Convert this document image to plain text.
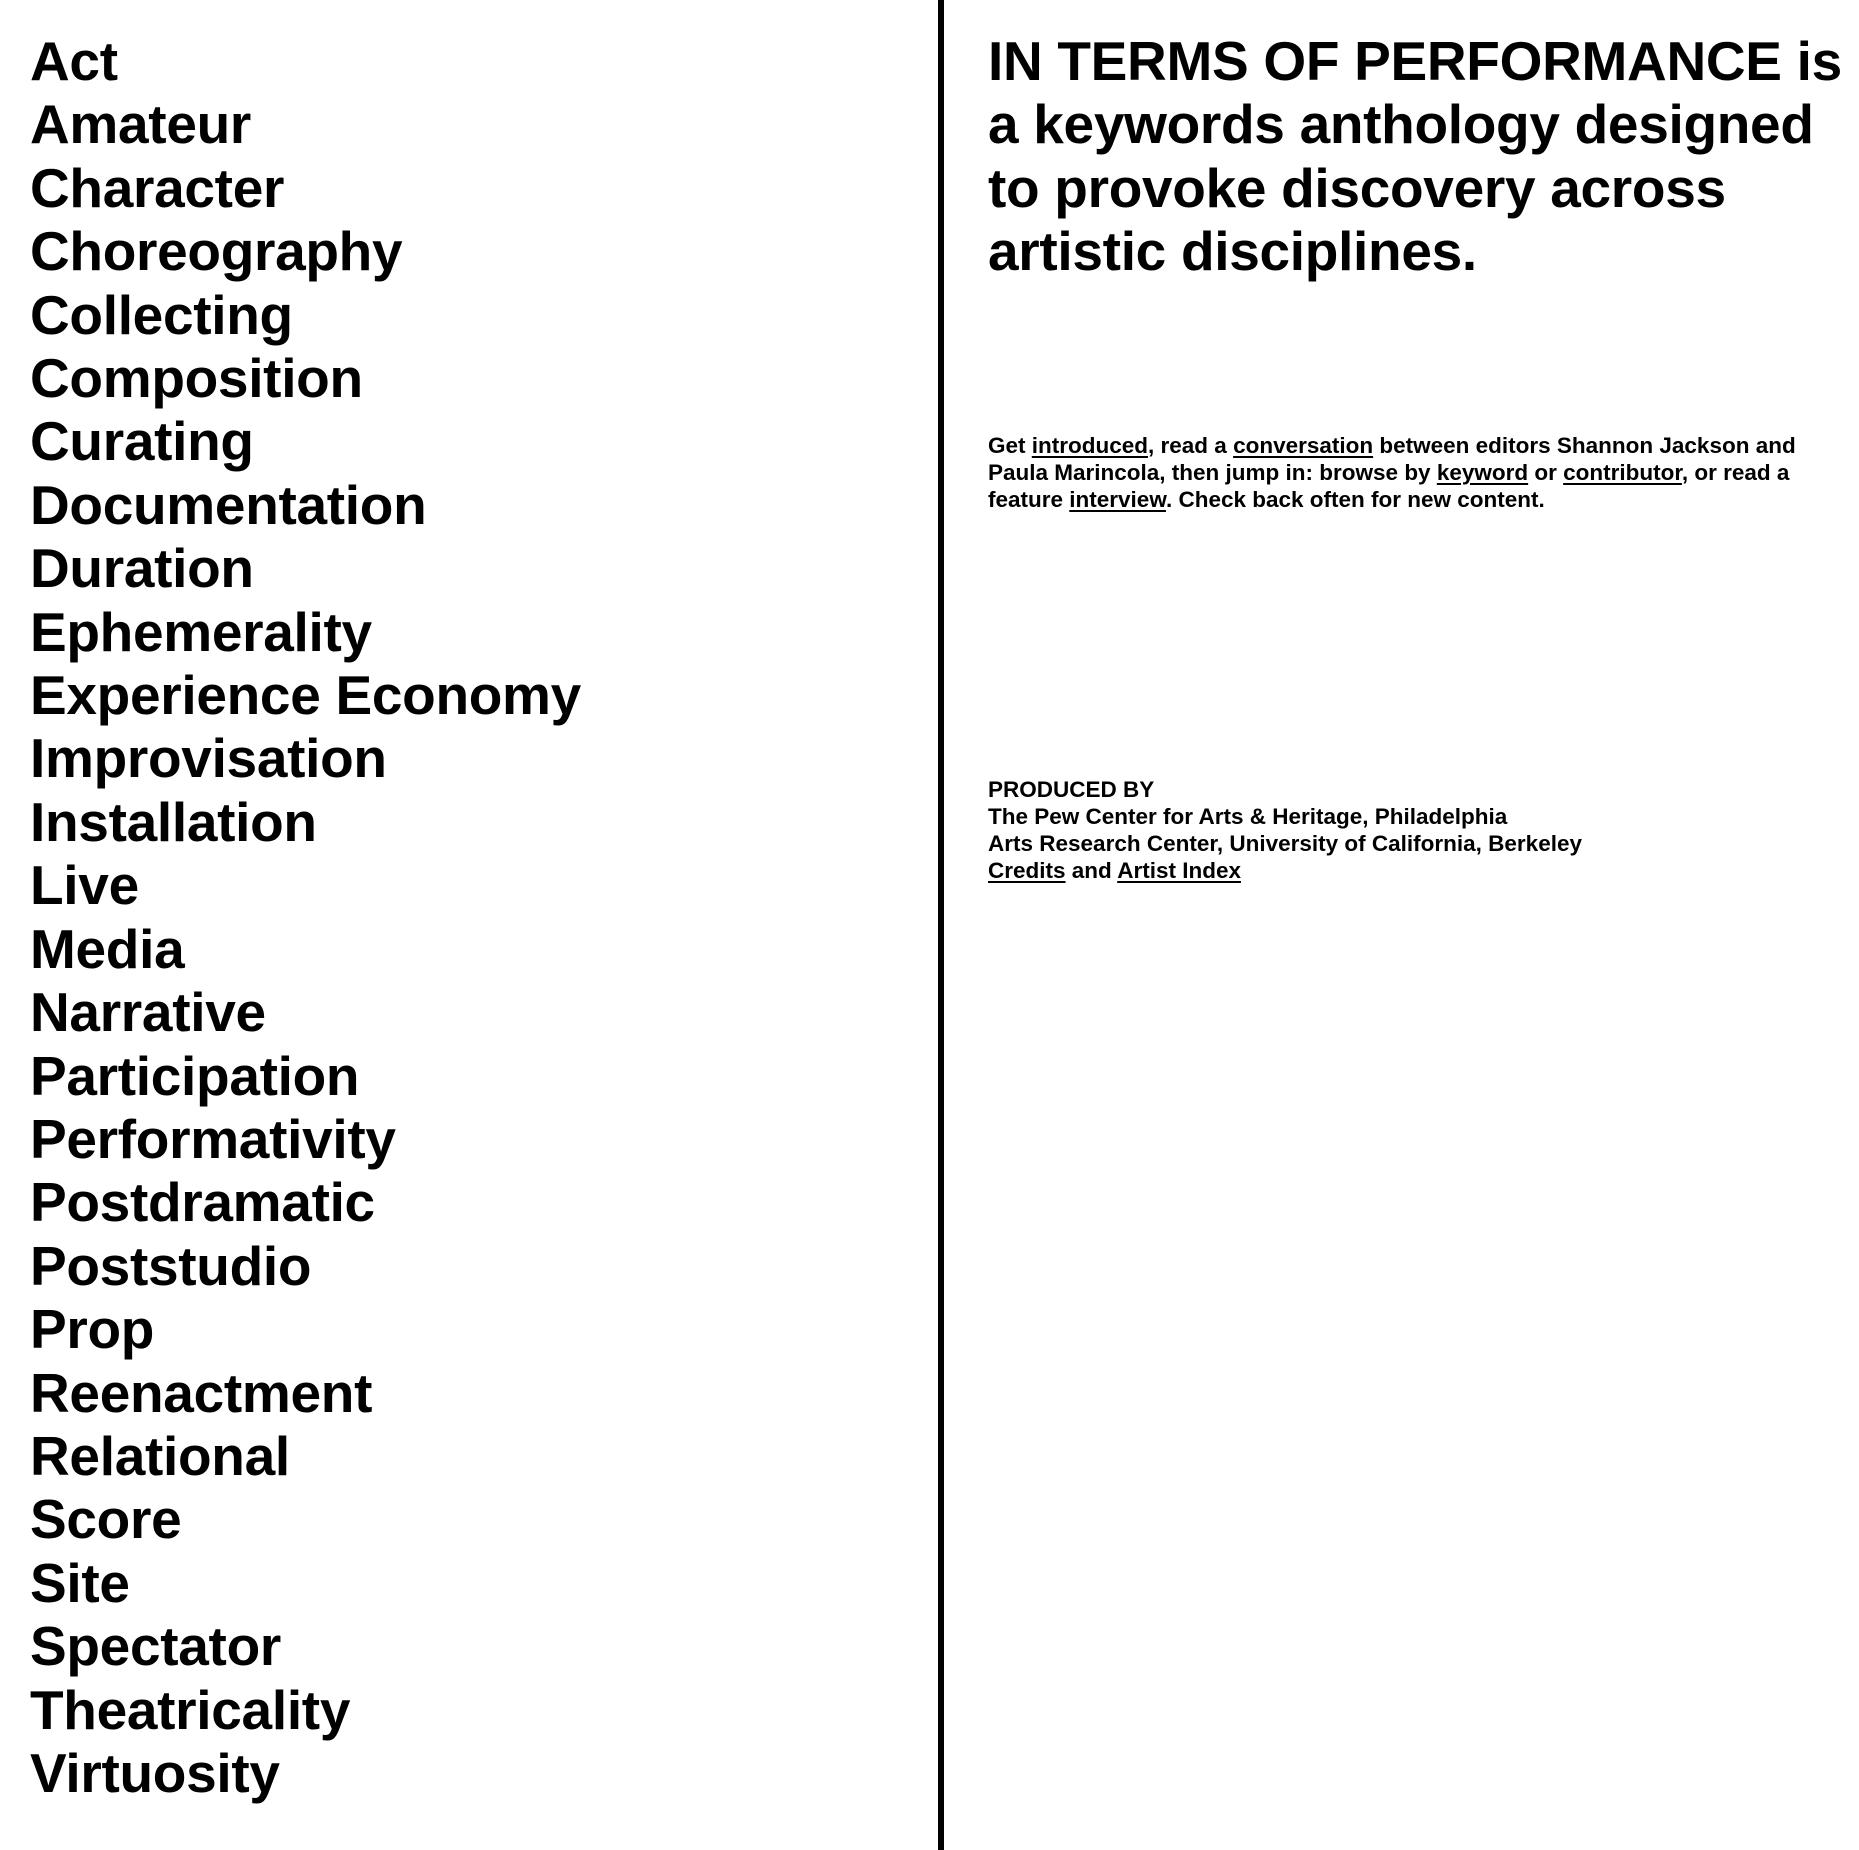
Act
Amateur
Character
Choreography
Collecting
Composition
Curating
Documentation
Duration
Ephemerality
Experience Economy
Improvisation
Installation
Live
Media
Narrative
Participation
Performativity
Postdramatic
Poststudio
Prop
Reenactment
Relational
Score
Site
Spectator
Theatricality
Virtuosity
IN TERMS OF PERFORMANCE is a keywords anthology designed to provoke discovery across artistic disciplines.
Get introduced, read a conversation between editors Shannon Jackson and Paula Marincola, then jump in: browse by keyword or contributor, or read a feature interview. Check back often for new content.
PRODUCED BY
The Pew Center for Arts & Heritage, Philadelphia
Arts Research Center, University of California, Berkeley
Credits and Artist Index
